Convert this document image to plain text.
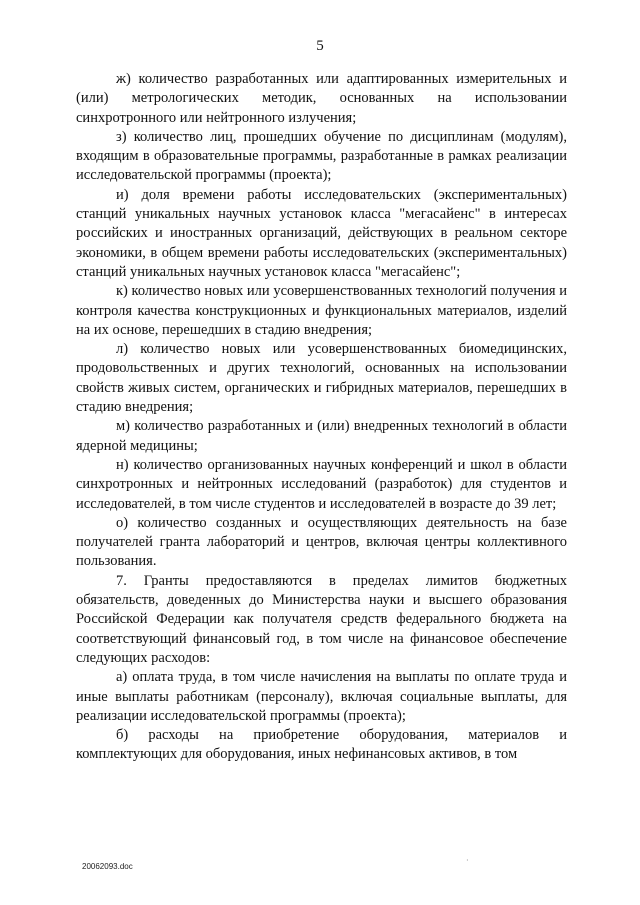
5

ж) количество разработанных или адаптированных измерительных и (или) метрологических методик, основанных на использовании синхротронного или нейтронного излучения;

з) количество лиц, прошедших обучение по дисциплинам (модулям), входящим в образовательные программы, разработанные в рамках реализации исследовательской программы (проекта);

и) доля времени работы исследовательских (экспериментальных) станций уникальных научных установок класса "мегасайенс" в интересах российских и иностранных организаций, действующих в реальном секторе экономики, в общем времени работы исследовательских (экспериментальных) станций уникальных научных установок класса "мегасайенс";

к) количество новых или усовершенствованных технологий получения и контроля качества конструкционных и функциональных материалов, изделий на их основе, перешедших в стадию внедрения;

л) количество новых или усовершенствованных биомедицинских, продовольственных и других технологий, основанных на использовании свойств живых систем, органических и гибридных материалов, перешедших в стадию внедрения;

м) количество разработанных и (или) внедренных технологий в области ядерной медицины;

н) количество организованных научных конференций и школ в области синхротронных и нейтронных исследований (разработок) для студентов и исследователей, в том числе студентов и исследователей в возрасте до 39 лет;

о) количество созданных и осуществляющих деятельность на базе получателей гранта лабораторий и центров, включая центры коллективного пользования.

7. Гранты предоставляются в пределах лимитов бюджетных обязательств, доведенных до Министерства науки и высшего образования Российской Федерации как получателя средств федерального бюджета на соответствующий финансовый год, в том числе на финансовое обеспечение следующих расходов:

а) оплата труда, в том числе начисления на выплаты по оплате труда и иные выплаты работникам (персоналу), включая социальные выплаты, для реализации исследовательской программы (проекта);

б) расходы на приобретение оборудования, материалов и комплектующих для оборудования, иных нефинансовых активов, в том

20062093.doc
·
